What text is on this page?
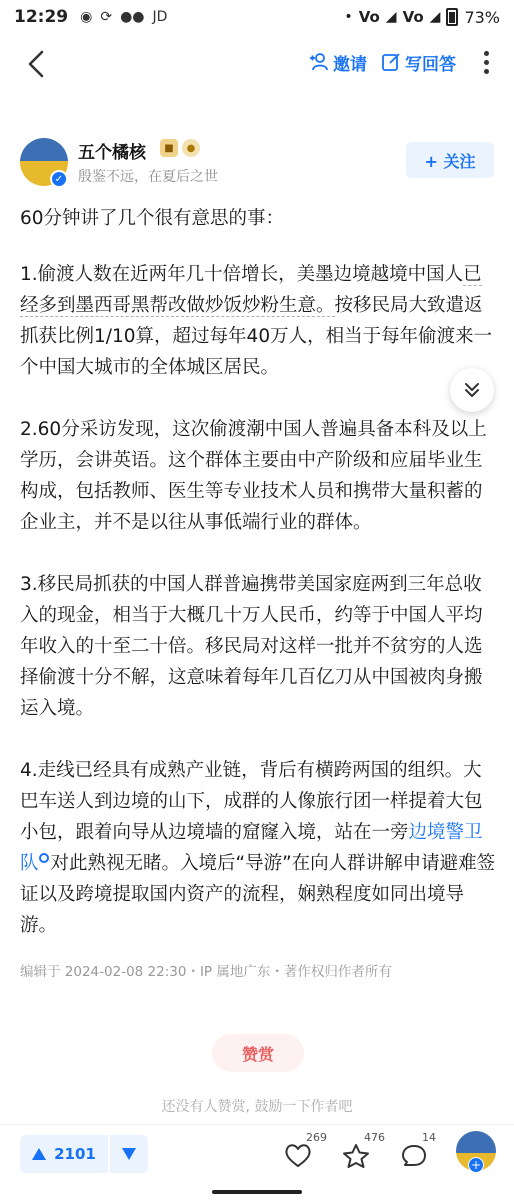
12:29 ◉ ⟳ ●● JD	• Vo ◢ Vo ◢ 73%
邀请 写回答
✓
五个橘核	■	●
殷鉴不远，在夏后之世
+ 关注

60分钟讲了几个很有意思的事：

1.偷渡人数在近两年几十倍增长，美墨边境越境中国人已经多到墨西哥黑帮改做炒饭炒粉生意。按移民局大致遣返抓获比例1/10算，超过每年40万人，相当于每年偷渡来一个中国大城市的全体城区居民。

2.60分采访发现，这次偷渡潮中国人普遍具备本科及以上学历，会讲英语。这个群体主要由中产阶级和应届毕业生构成，包括教师、医生等专业技术人员和携带大量积蓄的企业主，并不是以往从事低端行业的群体。

3.移民局抓获的中国人群普遍携带美国家庭两到三年总收入的现金，相当于大概几十万人民币，约等于中国人平均年收入的十至二十倍。移民局对这样一批并不贫穷的人选择偷渡十分不解，这意味着每年几百亿刀从中国被肉身搬运入境。

4.走线已经具有成熟产业链，背后有横跨两国的组织。大巴车送人到边境的山下，成群的人像旅行团一样提着大包小包，跟着向导从边境墙的窟窿入境，站在一旁边境警卫队 对此熟视无睹。入境后“导游”在向人群讲解申请避难签证以及跨境提取国内资产的流程，娴熟程度如同出境导游。

编辑于 2024-02-08 22:30・IP 属地广东・著作权归作者所有
赞赏
还没有人赞赏, 鼓励一下作者吧
2101
269	476	14
+
